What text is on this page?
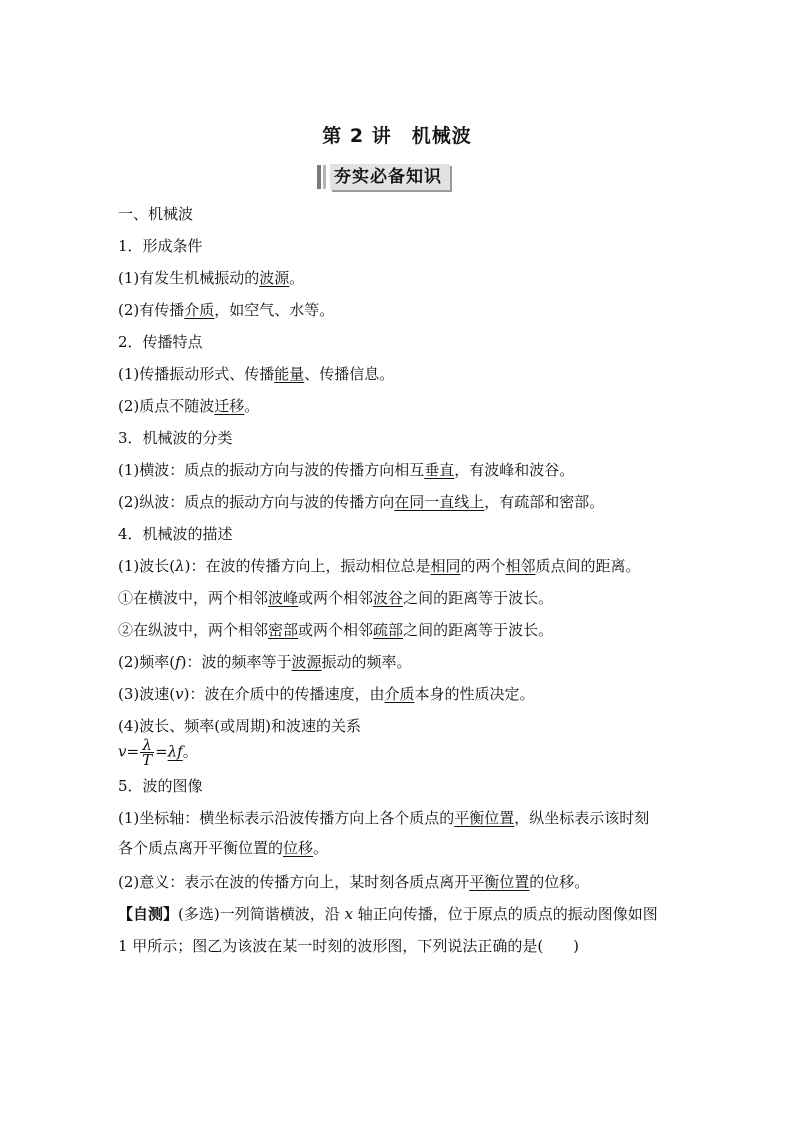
第 2 讲　机械波
夯实必备知识
一、机械波
1．形成条件
(1)有发生机械振动的波源。
(2)有传播介质，如空气、水等。
2．传播特点
(1)传播振动形式、传播能量、传播信息。
(2)质点不随波迁移。
3．机械波的分类
(1)横波：质点的振动方向与波的传播方向相互垂直，有波峰和波谷。
(2)纵波：质点的振动方向与波的传播方向在同一直线上，有疏部和密部。
4．机械波的描述
(1)波长(λ)：在波的传播方向上，振动相位总是相同的两个相邻质点间的距离。
①在横波中，两个相邻波峰或两个相邻波谷之间的距离等于波长。
②在纵波中，两个相邻密部或两个相邻疏部之间的距离等于波长。
(2)频率(f)：波的频率等于波源振动的频率。
(3)波速(v)：波在介质中的传播速度，由介质本身的性质决定。
(4)波长、频率(或周期)和波速的关系
(2)意义：表示在波的传播方向上，某时刻各质点离开平衡位置的位移。
$v= \frac{\lambda}{T} =\lambda f$。
5．波的图像
(1)坐标轴：横坐标表示沿波传播方向上各个质点的平衡位置，纵坐标表示该时刻
各个质点离开平衡位置的位移。
【自测】(多选)一列简谐横波，沿 x 轴正向传播，位于原点的质点的振动图像如图
1 甲所示；图乙为该波在某一时刻的波形图，下列说法正确的是(　　)
